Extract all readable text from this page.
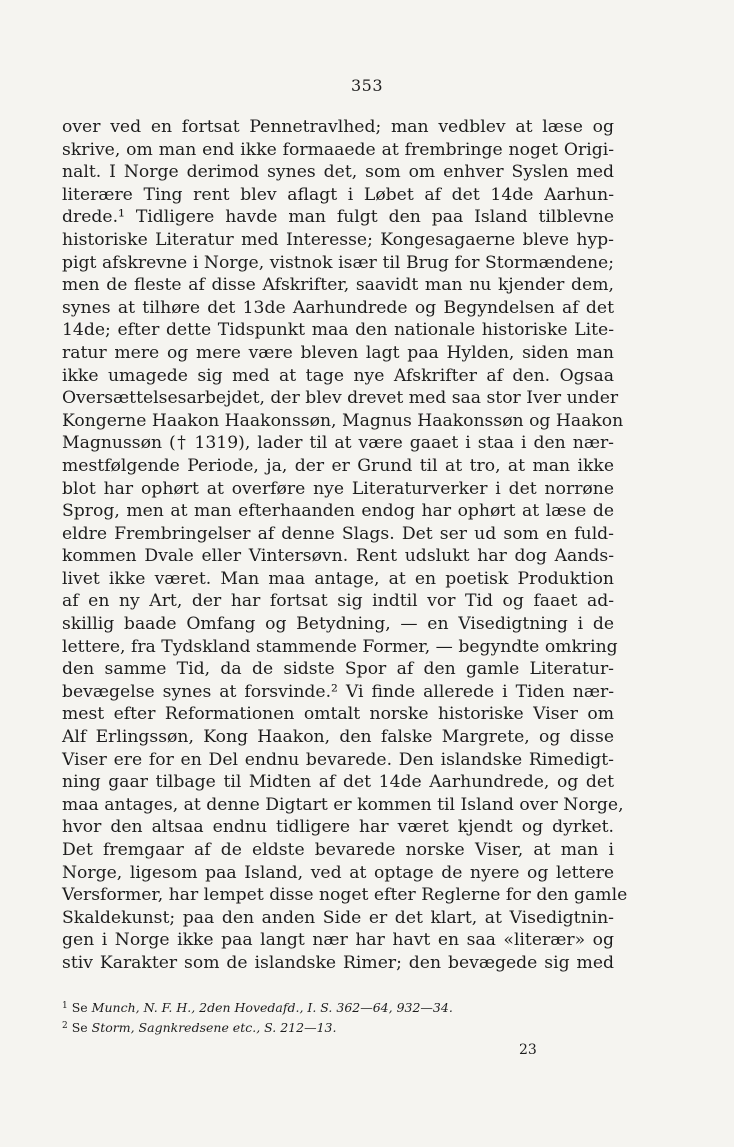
353
over ved en fortsat Pennetravlhed; man vedblev at læse og
skrive, om man end ikke formaaede at frembringe noget Origi-
nalt. I Norge derimod synes det, som om enhver Syslen med
literære Ting rent blev aflagt i Løbet af det 14de Aarhun-
drede.¹ Tidligere havde man fulgt den paa Island tilblevne
historiske Literatur med Interesse; Kongesagaerne bleve hyp-
pigt afskrevne i Norge, vistnok især til Brug for Stormændene;
men de fleste af disse Afskrifter, saavidt man nu kjender dem,
synes at tilhøre det 13de Aarhundrede og Begyndelsen af det
14de; efter dette Tidspunkt maa den nationale historiske Lite-
ratur mere og mere være bleven lagt paa Hylden, siden man
ikke umagede sig med at tage nye Afskrifter af den. Ogsaa
Oversættelsesarbejdet, der blev drevet med saa stor Iver under
Kongerne Haakon Haakonssøn, Magnus Haakonssøn og Haakon
Magnussøn († 1319), lader til at være gaaet i staa i den nær-
mestfølgende Periode, ja, der er Grund til at tro, at man ikke
blot har ophørt at overføre nye Literaturverker i det norrøne
Sprog, men at man efterhaanden endog har ophørt at læse de
eldre Frembringelser af denne Slags. Det ser ud som en fuld-
kommen Dvale eller Vintersøvn. Rent udslukt har dog Aands-
livet ikke været. Man maa antage, at en poetisk Produktion
af en ny Art, der har fortsat sig indtil vor Tid og faaet ad-
skillig baade Omfang og Betydning, — en Visedigtning i de
lettere, fra Tydskland stammende Former, — begyndte omkring
den samme Tid, da de sidste Spor af den gamle Literatur-
bevægelse synes at forsvinde.² Vi finde allerede i Tiden nær-
mest efter Reformationen omtalt norske historiske Viser om
Alf Erlingssøn, Kong Haakon, den falske Margrete, og disse
Viser ere for en Del endnu bevarede. Den islandske Rimedigt-
ning gaar tilbage til Midten af det 14de Aarhundrede, og det
maa antages, at denne Digtart er kommen til Island over Norge,
hvor den altsaa endnu tidligere har været kjendt og dyrket.
Det fremgaar af de eldste bevarede norske Viser, at man i
Norge, ligesom paa Island, ved at optage de nyere og lettere
Versformer, har lempet disse noget efter Reglerne for den gamle
Skaldekunst; paa den anden Side er det klart, at Visedigtnin-
gen i Norge ikke paa langt nær har havt en saa «literær» og
stiv Karakter som de islandske Rimer; den bevægede sig med
$^1$ Se Munch, N. F. H., 2den Hovedafd., I. S. 362—64, 932—34.
$^2$ Se Storm, Sagnkredsene etc., S. 212—13.
23
